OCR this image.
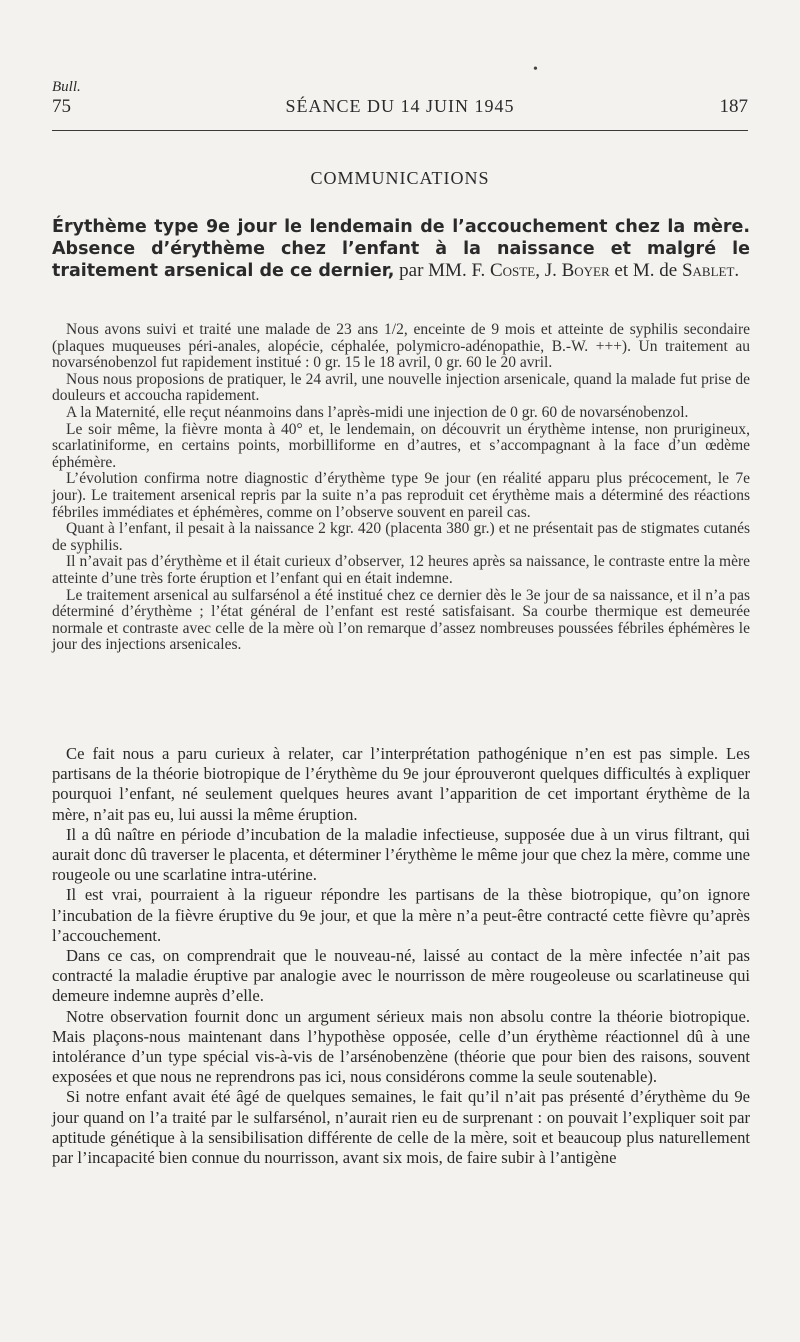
•
Bull.
75	SÉANCE DU 14 JUIN 1945	187
COMMUNICATIONS
Érythème type 9e jour le lendemain de l’accouchement chez la mère. Absence d’érythème chez l’enfant à la naissance et malgré le traitement arsenical de ce dernier, par MM. F. Coste, J. Boyer et M. de Sablet.

Nous avons suivi et traité une malade de 23 ans 1/2, enceinte de 9 mois et atteinte de syphilis secondaire (plaques muqueuses péri-anales, alopécie, céphalée, polymicro-adénopathie, B.-W. +++). Un traitement au novarsénobenzol fut rapidement institué : 0 gr. 15 le 18 avril, 0 gr. 60 le 20 avril.

Nous nous proposions de pratiquer, le 24 avril, une nouvelle injection arsenicale, quand la malade fut prise de douleurs et accoucha rapidement.

A la Maternité, elle reçut néanmoins dans l’après-midi une injection de 0 gr. 60 de novarsénobenzol.

Le soir même, la fièvre monta à 40° et, le lendemain, on découvrit un érythème intense, non prurigineux, scarlatiniforme, en certains points, morbilliforme en d’autres, et s’accompagnant à la face d’un œdème éphémère.

L’évolution confirma notre diagnostic d’érythème type 9e jour (en réalité apparu plus précocement, le 7e jour). Le traitement arsenical repris par la suite n’a pas reproduit cet érythème mais a déterminé des réactions fébriles immédiates et éphémères, comme on l’observe souvent en pareil cas.

Quant à l’enfant, il pesait à la naissance 2 kgr. 420 (placenta 380 gr.) et ne présentait pas de stigmates cutanés de syphilis.

Il n’avait pas d’érythème et il était curieux d’observer, 12 heures après sa naissance, le contraste entre la mère atteinte d’une très forte éruption et l’enfant qui en était indemne.

Le traitement arsenical au sulfarsénol a été institué chez ce dernier dès le 3e jour de sa naissance, et il n’a pas déterminé d’érythème ; l’état général de l’enfant est resté satisfaisant. Sa courbe thermique est demeurée normale et contraste avec celle de la mère où l’on remarque d’assez nombreuses poussées fébriles éphémères le jour des injections arsenicales.

Ce fait nous a paru curieux à relater, car l’interprétation pathogénique n’en est pas simple. Les partisans de la théorie biotropique de l’érythème du 9e jour éprouveront quelques difficultés à expliquer pourquoi l’enfant, né seulement quelques heures avant l’apparition de cet important érythème de la mère, n’ait pas eu, lui aussi la même éruption.

Il a dû naître en période d’incubation de la maladie infectieuse, supposée due à un virus filtrant, qui aurait donc dû traverser le placenta, et déterminer l’érythème le même jour que chez la mère, comme une rougeole ou une scarlatine intra-utérine.

Il est vrai, pourraient à la rigueur répondre les partisans de la thèse biotropique, qu’on ignore l’incubation de la fièvre éruptive du 9e jour, et que la mère n’a peut-être contracté cette fièvre qu’après l’accouchement.

Dans ce cas, on comprendrait que le nouveau-né, laissé au contact de la mère infectée n’ait pas contracté la maladie éruptive par analogie avec le nourrisson de mère rougeoleuse ou scarlatineuse qui demeure indemne auprès d’elle.

Notre observation fournit donc un argument sérieux mais non absolu contre la théorie biotropique. Mais plaçons-nous maintenant dans l’hypothèse opposée, celle d’un érythème réactionnel dû à une intolérance d’un type spécial vis-à-vis de l’arsénobenzène (théorie que pour bien des raisons, souvent exposées et que nous ne reprendrons pas ici, nous considérons comme la seule soutenable).

Si notre enfant avait été âgé de quelques semaines, le fait qu’il n’ait pas présenté d’érythème du 9e jour quand on l’a traité par le sulfarsénol, n’aurait rien eu de surprenant : on pouvait l’expliquer soit par aptitude génétique à la sensibilisation différente de celle de la mère, soit et beaucoup plus naturellement par l’incapacité bien connue du nourrisson, avant six mois, de faire subir à l’antigène
